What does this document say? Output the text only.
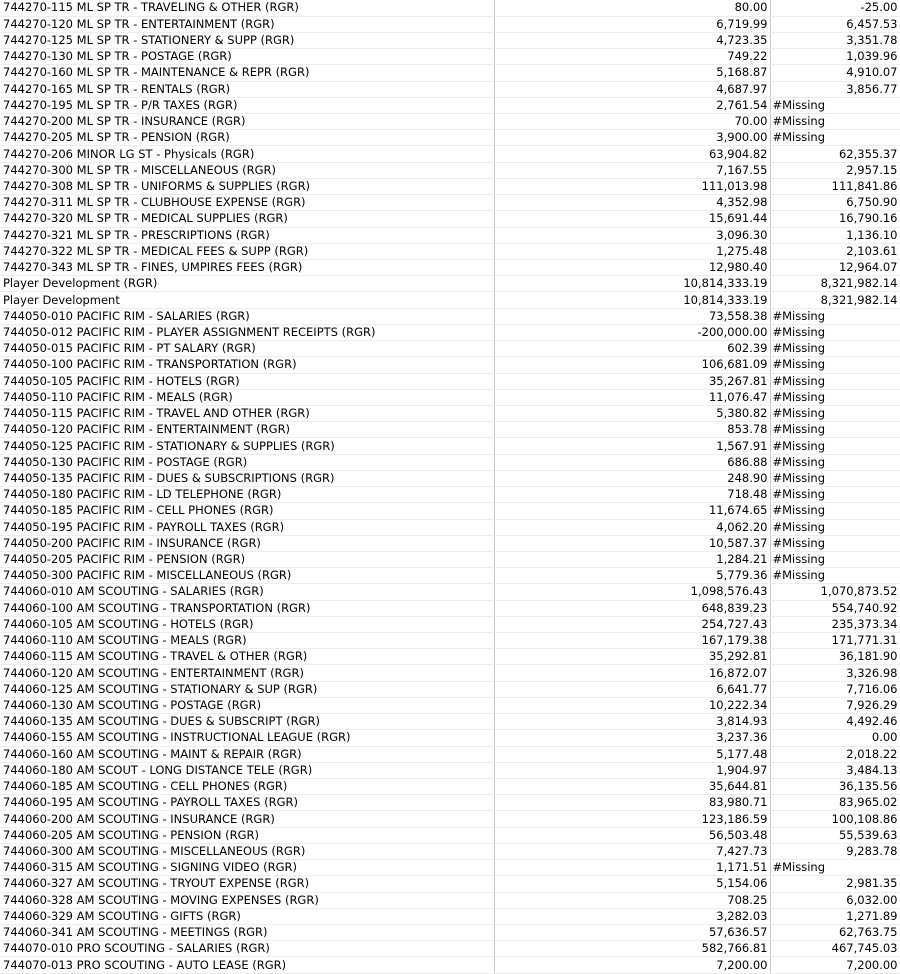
744270-115 ML SP TR - TRAVELING & OTHER (RGR)	80.00	-25.00
744270-120 ML SP TR - ENTERTAINMENT (RGR)	6,719.99	6,457.53
744270-125 ML SP TR - STATIONERY & SUPP (RGR)	4,723.35	3,351.78
744270-130 ML SP TR - POSTAGE (RGR)	749.22	1,039.96
744270-160 ML SP TR - MAINTENANCE & REPR (RGR)	5,168.87	4,910.07
744270-165 ML SP TR - RENTALS (RGR)	4,687.97	3,856.77
744270-195 ML SP TR - P/R TAXES (RGR)	2,761.54	#Missing
744270-200 ML SP TR - INSURANCE (RGR)	70.00	#Missing
744270-205 ML SP TR - PENSION (RGR)	3,900.00	#Missing
744270-206 MINOR LG ST - Physicals (RGR)	63,904.82	62,355.37
744270-300 ML SP TR - MISCELLANEOUS (RGR)	7,167.55	2,957.15
744270-308 ML SP TR - UNIFORMS & SUPPLIES (RGR)	111,013.98	111,841.86
744270-311 ML SP TR - CLUBHOUSE EXPENSE (RGR)	4,352.98	6,750.90
744270-320 ML SP TR - MEDICAL SUPPLIES (RGR)	15,691.44	16,790.16
744270-321 ML SP TR - PRESCRIPTIONS (RGR)	3,096.30	1,136.10
744270-322 ML SP TR - MEDICAL FEES & SUPP (RGR)	1,275.48	2,103.61
744270-343 ML SP TR - FINES, UMPIRES FEES (RGR)	12,980.40	12,964.07
Player Development (RGR)	10,814,333.19	8,321,982.14
Player Development	10,814,333.19	8,321,982.14
744050-010 PACIFIC RIM - SALARIES (RGR)	73,558.38	#Missing
744050-012 PACIFIC RIM - PLAYER ASSIGNMENT RECEIPTS (RGR)	-200,000.00	#Missing
744050-015 PACIFIC RIM - PT SALARY (RGR)	602.39	#Missing
744050-100 PACIFIC RIM - TRANSPORTATION (RGR)	106,681.09	#Missing
744050-105 PACIFIC RIM - HOTELS (RGR)	35,267.81	#Missing
744050-110 PACIFIC RIM - MEALS (RGR)	11,076.47	#Missing
744050-115 PACIFIC RIM - TRAVEL AND OTHER (RGR)	5,380.82	#Missing
744050-120 PACIFIC RIM - ENTERTAINMENT (RGR)	853.78	#Missing
744050-125 PACIFIC RIM - STATIONARY & SUPPLIES (RGR)	1,567.91	#Missing
744050-130 PACIFIC RIM - POSTAGE (RGR)	686.88	#Missing
744050-135 PACIFIC RIM - DUES & SUBSCRIPTIONS (RGR)	248.90	#Missing
744050-180 PACIFIC RIM - LD TELEPHONE (RGR)	718.48	#Missing
744050-185 PACIFIC RIM - CELL PHONES (RGR)	11,674.65	#Missing
744050-195 PACIFIC RIM - PAYROLL TAXES (RGR)	4,062.20	#Missing
744050-200 PACIFIC RIM - INSURANCE (RGR)	10,587.37	#Missing
744050-205 PACIFIC RIM - PENSION (RGR)	1,284.21	#Missing
744050-300 PACIFIC RIM - MISCELLANEOUS (RGR)	5,779.36	#Missing
744060-010 AM SCOUTING - SALARIES (RGR)	1,098,576.43	1,070,873.52
744060-100 AM SCOUTING - TRANSPORTATION (RGR)	648,839.23	554,740.92
744060-105 AM SCOUTING - HOTELS (RGR)	254,727.43	235,373.34
744060-110 AM SCOUTING - MEALS (RGR)	167,179.38	171,771.31
744060-115 AM SCOUTING - TRAVEL & OTHER (RGR)	35,292.81	36,181.90
744060-120 AM SCOUTING - ENTERTAINMENT (RGR)	16,872.07	3,326.98
744060-125 AM SCOUTING - STATIONARY & SUP (RGR)	6,641.77	7,716.06
744060-130 AM SCOUTING - POSTAGE (RGR)	10,222.34	7,926.29
744060-135 AM SCOUTING - DUES & SUBSCRIPT (RGR)	3,814.93	4,492.46
744060-155 AM SCOUTING - INSTRUCTIONAL LEAGUE (RGR)	3,237.36	0.00
744060-160 AM SCOUTING - MAINT & REPAIR (RGR)	5,177.48	2,018.22
744060-180 AM SCOUT - LONG DISTANCE TELE (RGR)	1,904.97	3,484.13
744060-185 AM SCOUTING - CELL PHONES (RGR)	35,644.81	36,135.56
744060-195 AM SCOUTING - PAYROLL TAXES (RGR)	83,980.71	83,965.02
744060-200 AM SCOUTING - INSURANCE (RGR)	123,186.59	100,108.86
744060-205 AM SCOUTING - PENSION (RGR)	56,503.48	55,539.63
744060-300 AM SCOUTING - MISCELLANEOUS (RGR)	7,427.73	9,283.78
744060-315 AM SCOUTING - SIGNING VIDEO (RGR)	1,171.51	#Missing
744060-327 AM SCOUTING - TRYOUT EXPENSE (RGR)	5,154.06	2,981.35
744060-328 AM SCOUTING - MOVING EXPENSES (RGR)	708.25	6,032.00
744060-329 AM SCOUTING - GIFTS (RGR)	3,282.03	1,271.89
744060-341 AM SCOUTING - MEETINGS (RGR)	57,636.57	62,763.75
744070-010 PRO SCOUTING - SALARIES (RGR)	582,766.81	467,745.03
744070-013 PRO SCOUTING - AUTO LEASE (RGR)	7,200.00	7,200.00
